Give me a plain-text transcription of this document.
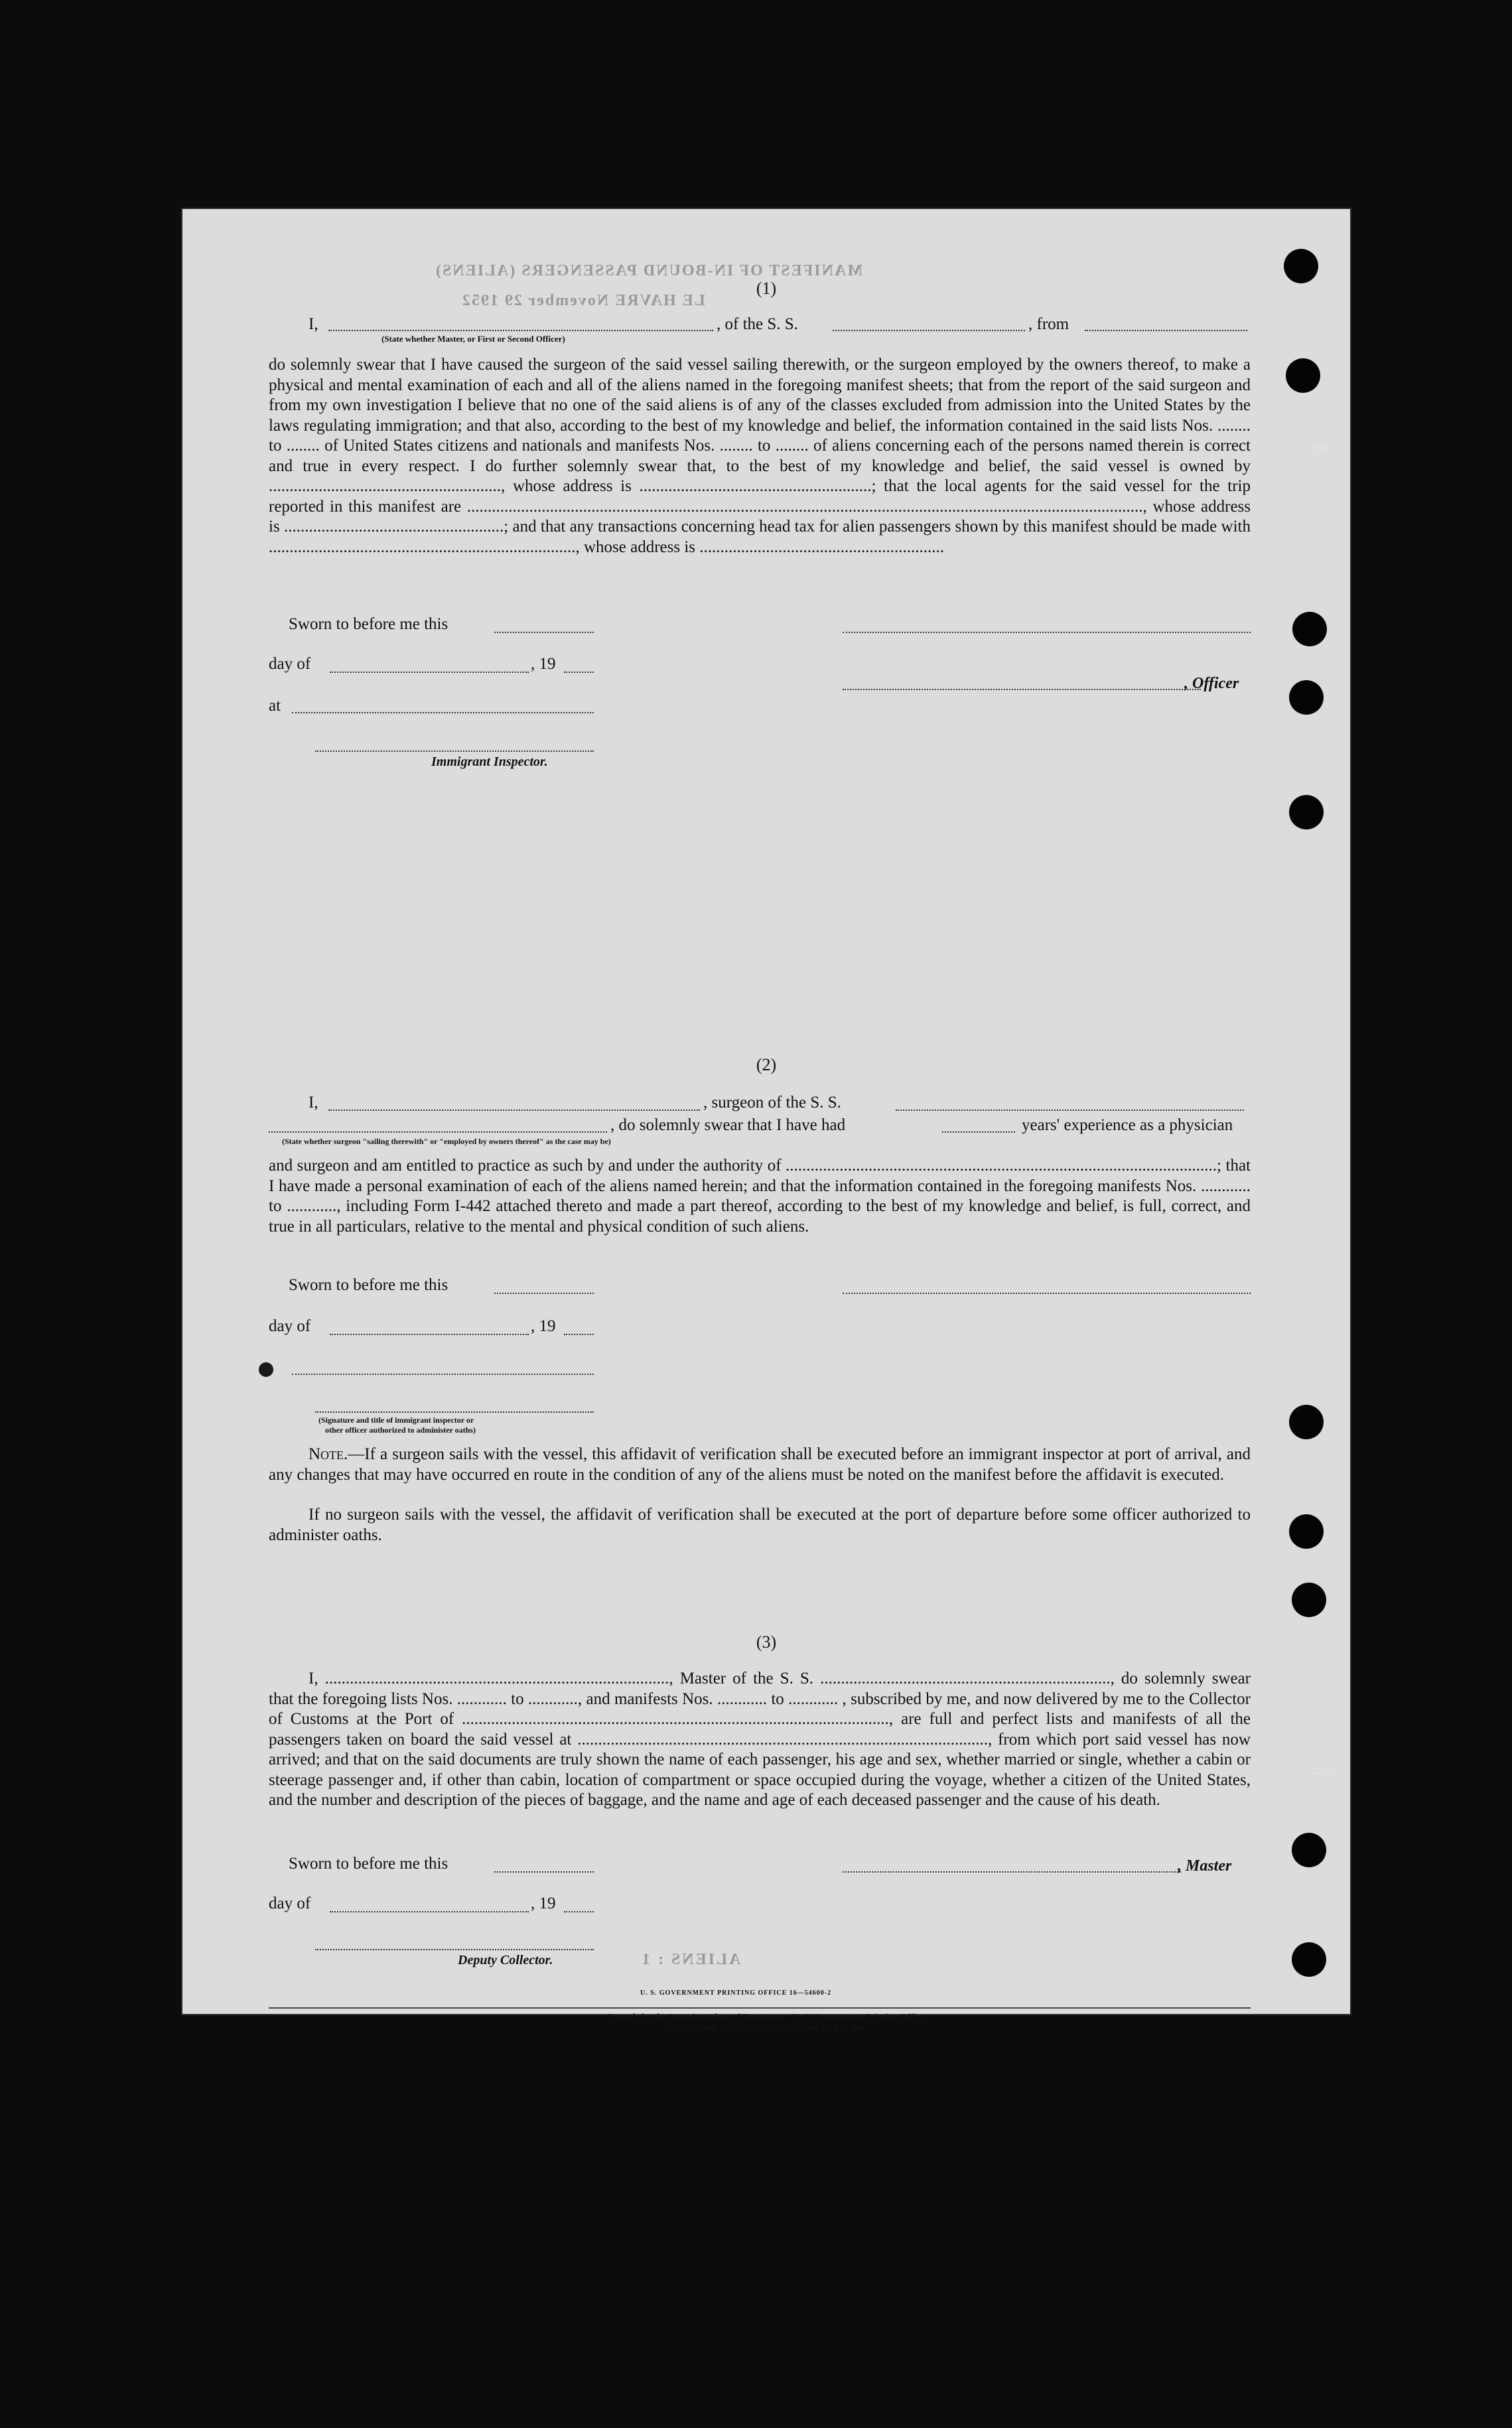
MANIFEST OF IN-BOUND PASSENGERS (ALIENS)
LE HAVRE November 29 1952
ALIENS : 1
(1)
I,	, of the S. S.	, from
(State whether Master, or First or Second Officer)
do solemnly swear that I have caused the surgeon of the said vessel sailing therewith, or the surgeon employed by the owners thereof, to make a physical and mental examination of each and all of the aliens named in the foregoing manifest sheets; that from the report of the said surgeon and from my own investigation I believe that no one of the said aliens is of any of the classes excluded from admission into the United States by the laws regulating immigration; and that also, according to the best of my knowledge and belief, the information contained in the said lists Nos. ........ to ........ of United States citizens and nationals and manifests Nos. ........ to ........ of aliens concerning each of the persons named therein is correct and true in every respect. I do further solemnly swear that, to the best of my knowledge and belief, the said vessel is owned by ........................................................, whose address is ........................................................; that the local agents for the said vessel for the trip reported in this manifest are ..................................................................................................................................................................., whose address is .....................................................; and that any transactions concerning head tax for alien passengers shown by this manifest should be made with .........................................................................., whose address is ...........................................................
Sworn to before me this
day of	, 19
, Officer
at
Immigrant Inspector.
(2)
I,	, surgeon of the S. S.
, do solemnly swear that I have had	years' experience as a physician
(State whether surgeon "sailing therewith" or "employed by owners thereof" as the case may be)
and surgeon and am entitled to practice as such by and under the authority of ........................................................................................................; that I have made a personal examination of each of the aliens named herein; and that the information contained in the foregoing manifests Nos. ............ to ............, including Form I-442 attached thereto and made a part thereof, according to the best of my knowledge and belief, is full, correct, and true in all particulars, relative to the mental and physical condition of such aliens.
Sworn to before me this
day of	, 19
(Signature and title of immigrant inspector or
other officer authorized to administer oaths)
Note.—If a surgeon sails with the vessel, this affidavit of verification shall be executed before an immigrant inspector at port of arrival, and any changes that may have occurred en route in the condition of any of the aliens must be noted on the manifest before the affidavit is executed.
If no surgeon sails with the vessel, the affidavit of verification shall be executed at the port of departure before some officer authorized to administer oaths.
(3)
I, ..................................................................................., Master of the S. S. ......................................................................, do solemnly swear that the foregoing lists Nos. ............ to ............, and manifests Nos. ............ to ............ , subscribed by me, and now delivered by me to the Collector of Customs at the Port of ......................................................................................................., are full and perfect lists and manifests of all the passengers taken on board the said vessel at ..................................................................................................., from which port said vessel has now arrived; and that on the said documents are truly shown the name of each passenger, his age and sex, whether married or single, whether a cabin or steerage passenger and, if other than cabin, location of compartment or space occupied during the voyage, whether a citizen of the United States, and the number and description of the pieces of baggage, and the name and age of each deceased passenger and the cause of his death.
Sworn to before me this	, Master
day of	, 19
Deputy Collector.
U. S. GOVERNMENT PRINTING OFFICE 16—54600-2
For sale by the Superintendent of Documents, U. S. Government Printing Office
Washington 25, D. C. - Price $1.75 per pad of 100
